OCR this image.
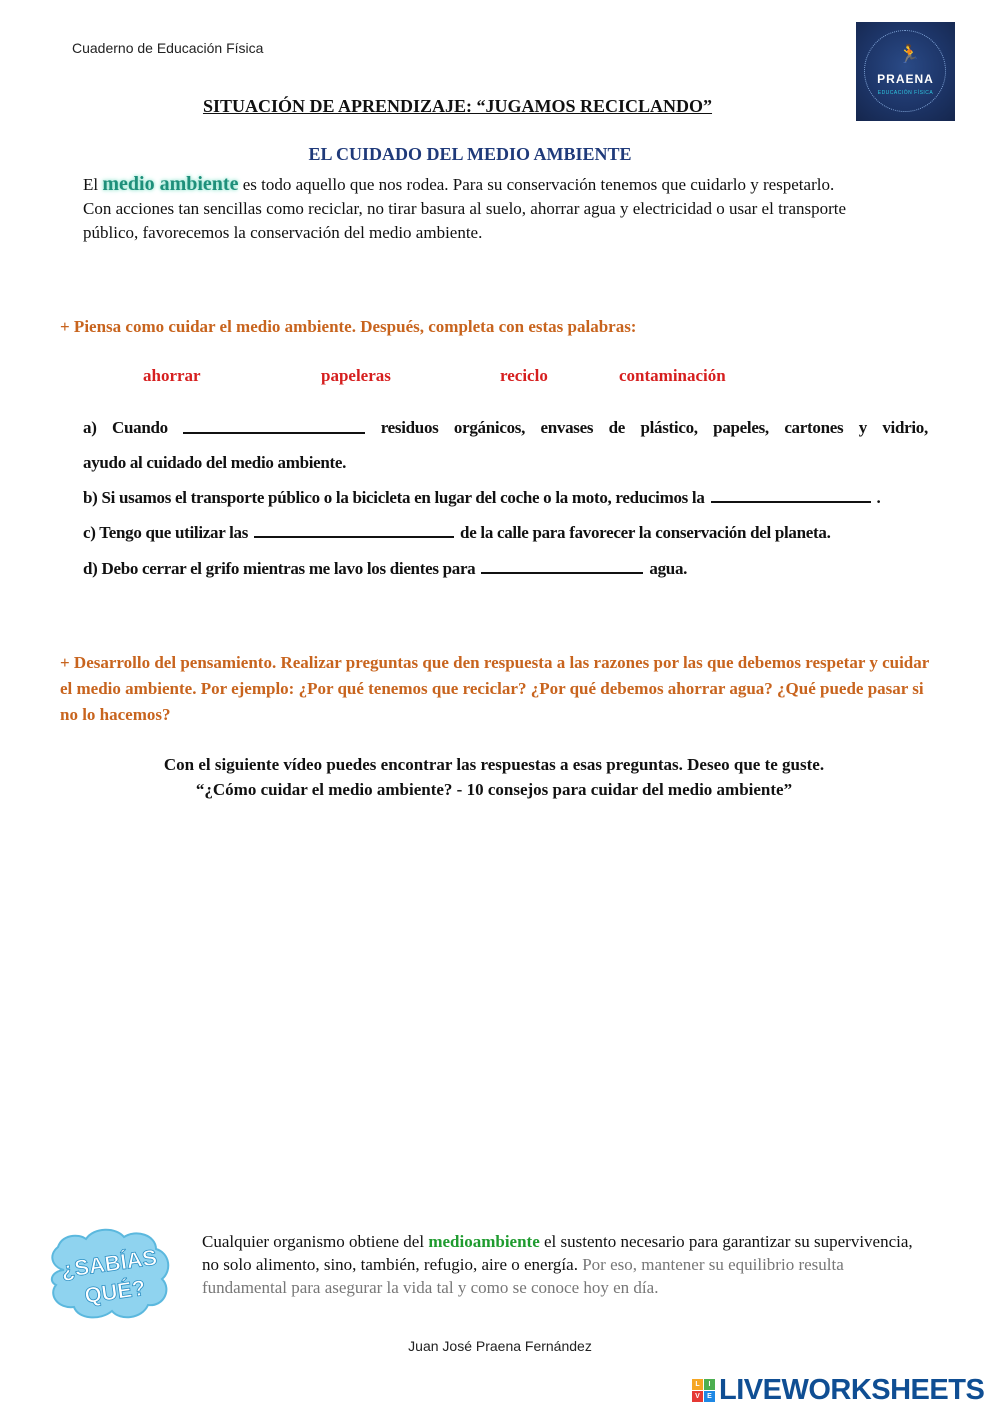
Cuaderno de Educación Física	🏃
PRAENA
EDUCACIÓN FÍSICA
SITUACIÓN DE APRENDIZAJE: “JUGAMOS RECICLANDO”
EL CUIDADO DEL MEDIO AMBIENTE
El medio ambiente es todo aquello que nos rodea. Para su conservación tenemos que cuidarlo y respetarlo.
Con acciones tan sencillas como reciclar, no tirar basura al suelo, ahorrar agua y electricidad o usar el transporte público, favorecemos la conservación del medio ambiente.
+ Piensa como cuidar el medio ambiente. Después, completa con estas palabras:
ahorrar	papeleras	reciclo	contaminación
a) Cuando	residuos orgánicos, envases de plástico, papeles, cartones y vidrio,
ayudo al cuidado del medio ambiente.
b) Si usamos el transporte público o la bicicleta en lugar del coche o la moto, reducimos la	.
c) Tengo que utilizar las	de la calle para favorecer la conservación del planeta.
d) Debo cerrar el grifo mientras me lavo los dientes para	agua.
+ Desarrollo del pensamiento. Realizar preguntas que den respuesta a las razones por las que debemos respetar y cuidar el medio ambiente. Por ejemplo: ¿Por qué tenemos que reciclar? ¿Por qué debemos ahorrar agua? ¿Qué puede pasar si no lo hacemos?
Con el siguiente vídeo puedes encontrar las respuestas a esas preguntas. Deseo que te guste.
“¿Cómo cuidar el medio ambiente? - 10 consejos para cuidar del medio ambiente”
¿SABÍAS
QUÉ?
Cualquier organismo obtiene del medioambiente el sustento necesario para garantizar su supervivencia, no solo alimento, sino, también, refugio, aire o energía. Por eso, mantener su equilibrio resulta fundamental para asegurar la vida tal y como se conoce hoy en día.
Juan José Praena Fernández
L	I
V	E LIVEWORKSHEETS
